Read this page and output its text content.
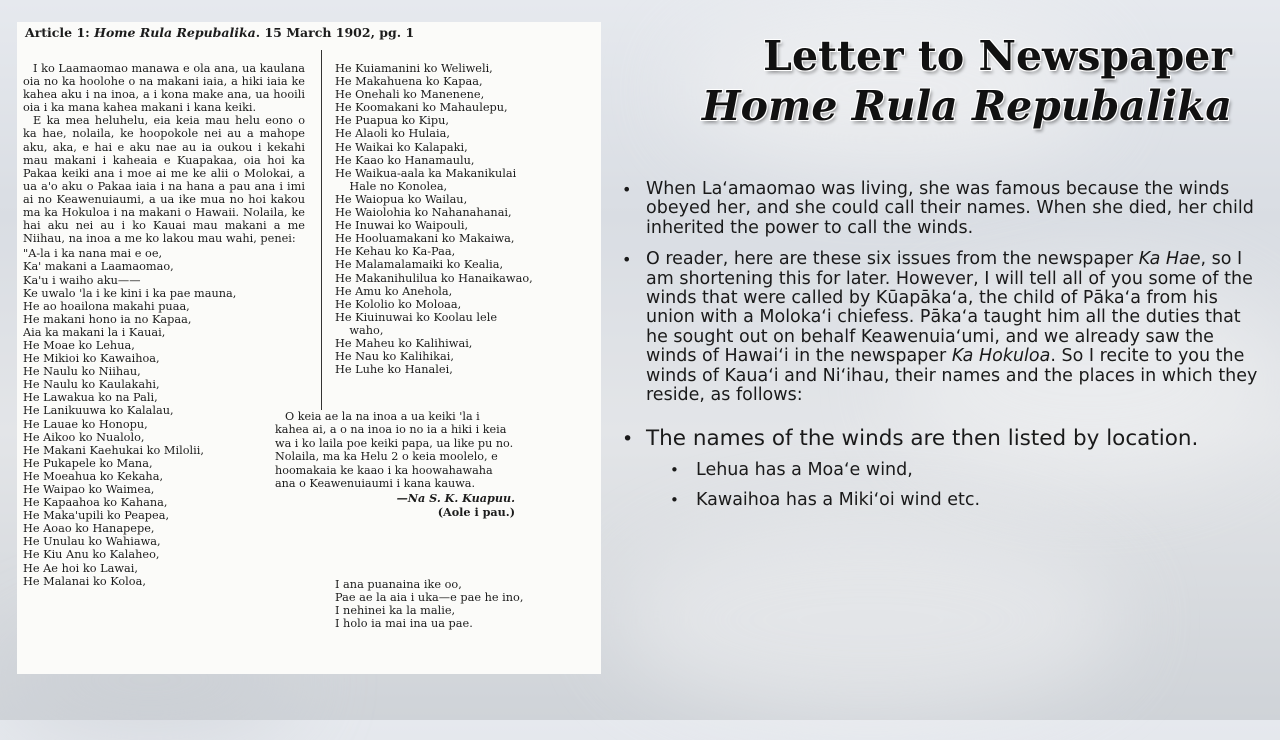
Article 1: Home Rula Repubalika. 15 March 1902, pg. 1

I ko Laamaomao manawa e ola ana, ua kaulana oia no ka hoolohe o na makani iaia, a hiki iaia ke kahea aku i na inoa, a i kona make ana, ua hooili oia i ka mana kahea makani i kana keiki.

E ka mea heluhelu, eia keia mau helu eono o ka hae, nolaila, ke hoopokole nei au a mahope aku, aka, e hai e aku nae au ia oukou i kekahi mau makani i kaheaia e Kuapakaa, oia hoi ka Pakaa keiki ana i moe ai me ke alii o Molokai, a ua a'o aku o Pakaa iaia i na hana a pau ana i imi ai no Keawenuiaumi, a ua ike mua no hoi kakou ma ka Hokuloa i na makani o Hawaii. Nolaila, ke hai aku nei au i ko Kauai mau makani a me Niihau, na inoa a me ko lakou mau wahi, penei:

"A-la i ka nana mai e oe,
Ka' makani a Laamaomao,
Ka'u i waiho aku——
Ke uwalo 'la i ke kini i ka pae mauna,
He ao hoailona makahi puaa,
He makani hono ia no Kapaa,
Aia ka makani la i Kauai,
He Moae ko Lehua,
He Mikioi ko Kawaihoa,
He Naulu ko Niihau,
He Naulu ko Kaulakahi,
He Lawakua ko na Pali,
He Lanikuuwa ko Kalalau,
He Lauae ko Honopu,
He Aikoo ko Nualolo,
He Makani Kaehukai ko Milolii,
He Pukapele ko Mana,
He Moeahua ko Kekaha,
He Waipao ko Waimea,
He Kapaahoa ko Kahana,
He Maka'upili ko Peapea,
He Aoao ko Hanapepe,
He Unulau ko Wahiawa,
He Kiu Anu ko Kalaheo,
He Ae hoi ko Lawai,
He Malanai ko Koloa,
He Kuiamanini ko Weliweli,
He Makahuena ko Kapaa,
He Onehali ko Manenene,
He Koomakani ko Mahaulepu,
He Puapua ko Kipu,
He Alaoli ko Hulaia,
He Waikai ko Kalapaki,
He Kaao ko Hanamaulu,
He Waikua-aala ka Makanikulai
Hale no Konolea,
He Waiopua ko Wailau,
He Waiolohia ko Nahanahanai,
He Inuwai ko Waipouli,
He Hooluamakani ko Makaiwa,
He Kehau ko Ka-Paa,
He Malamalamaiki ko Kealia,
He Makanihulilua ko Hanaikawao,
He Amu ko Anehola,
He Kololio ko Moloaa,
He Kiuinuwai ko Koolau lele
waho,
He Maheu ko Kalihiwai,
He Nau ko Kalihikai,
He Luhe ko Hanalei,

O keia ae la na inoa a ua keiki 'la i kahea ai, a o na inoa io no ia a hiki i keia wa i ko laila poe keiki papa, ua like pu no. Nolaila, ma ka Helu 2 o keia moolelo, e hoomakaia ke kaao i ka hoowahawaha ana o Keawenuiaumi i kana kauwa.

—Na S. K. Kuapuu.
(Aole i pau.)
I ana puanaina ike oo,
Pae ae la aia i uka—e pae he ino,
I nehinei ka la malie,
I holo ia mai ina ua pae.
Letter to Newspaper
Home Rula Repubalika
• When Laʻamaomao was living, she was famous because the winds obeyed her, and she could call their names. When she died, her child inherited the power to call the winds.
• O reader, here are these six issues from the newspaper Ka Hae, so I am shortening this for later. However, I will tell all of you some of the winds that were called by Kūapākaʻa, the child of Pākaʻa from his union with a Molokaʻi chiefess. Pākaʻa taught him all the duties that he sought out on behalf Keawenuiaʻumi, and we already saw the winds of Hawaiʻi in the newspaper Ka Hokuloa. So I recite to you the winds of Kauaʻi and Niʻihau, their names and the places in which they reside, as follows:
• The names of the winds are then listed by location.
• Lehua has a Moaʻe wind,
• Kawaihoa has a Mikiʻoi wind etc.
